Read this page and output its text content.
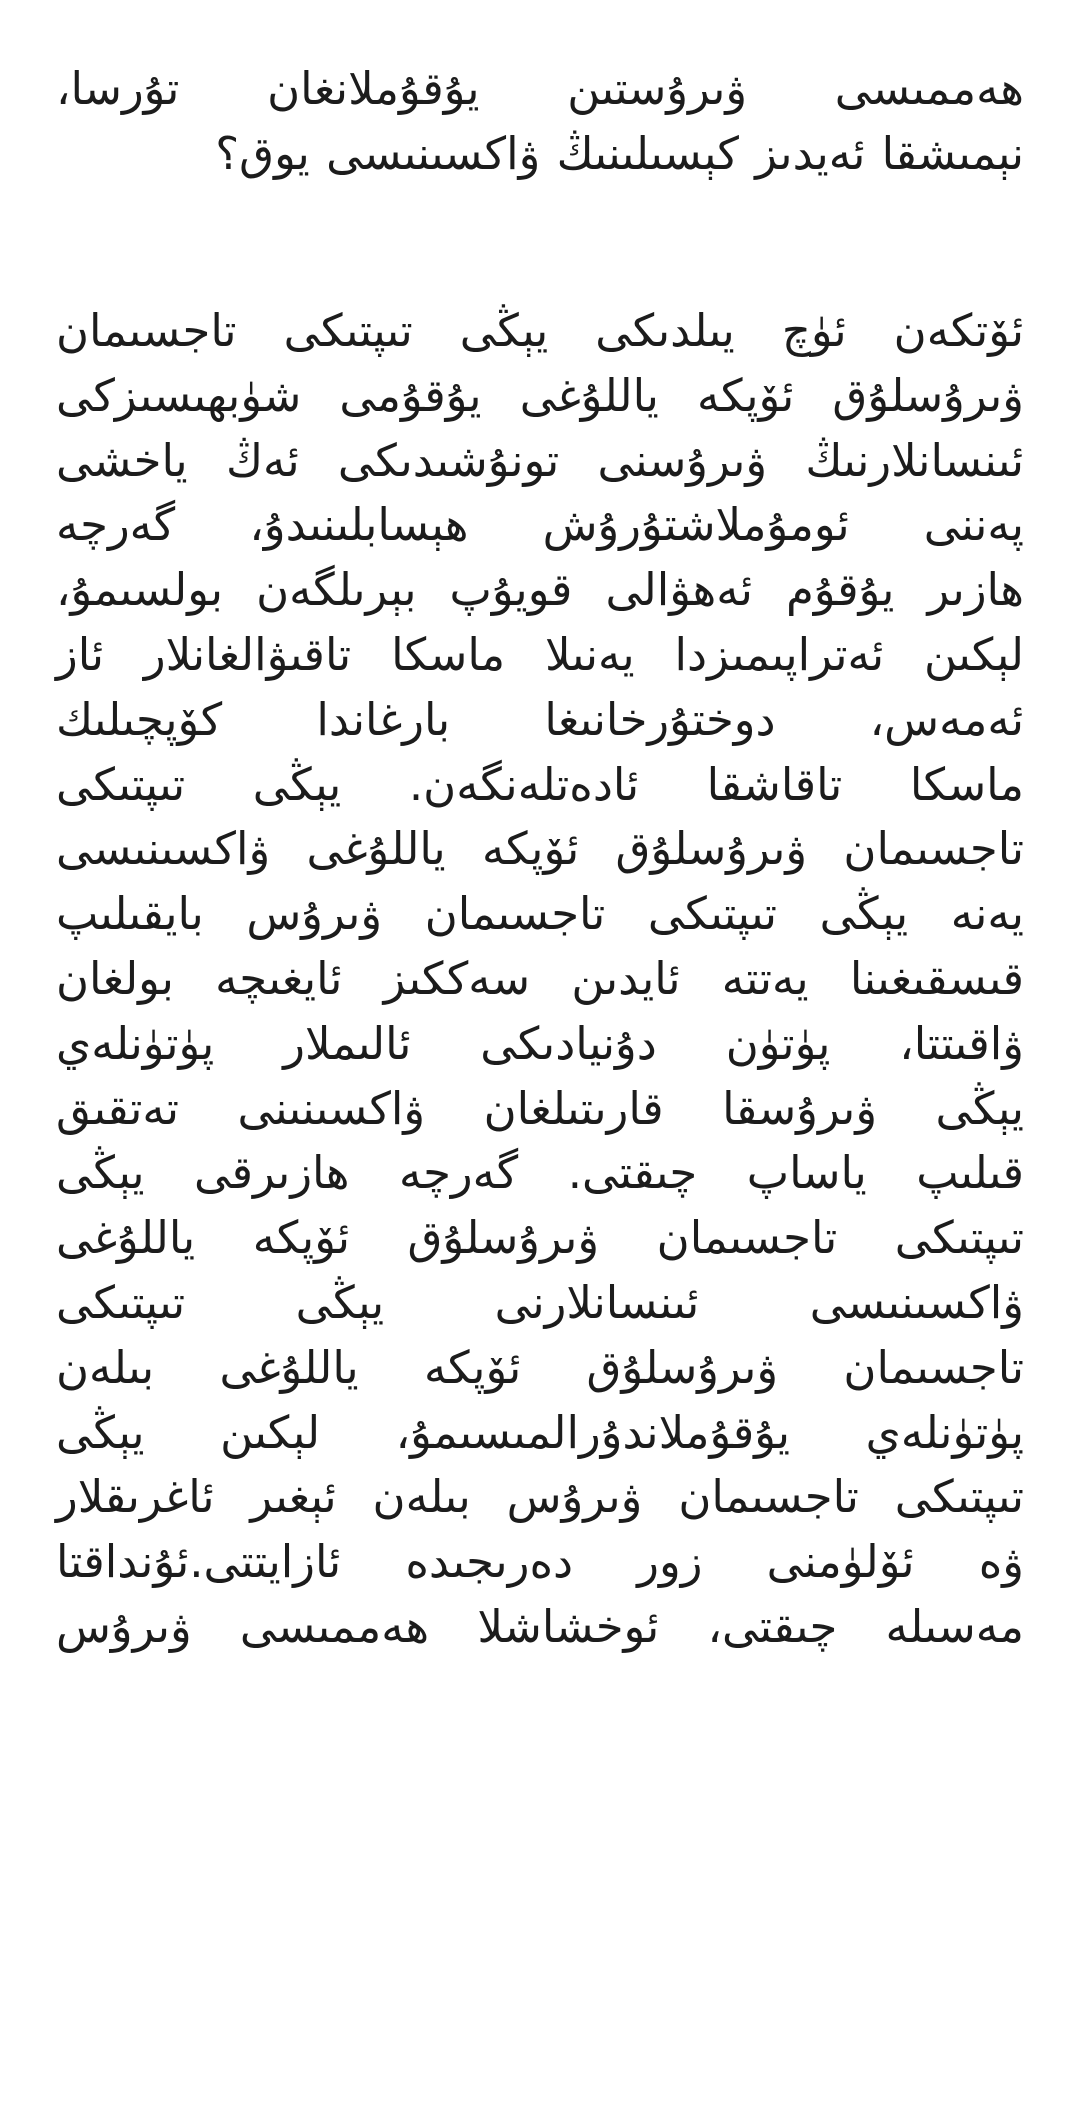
ھەممىسى ۋىرۇستىن يۇقۇملانغان تۇرسا،
نېمىشقا ئەيدىز كېسىلىنىڭ ۋاكسىنىسى يوق؟
ئۆتكەن ئۈچ يىلدىكى يېڭى تىپتىكى تاجسىمان
ۋىرۇسلۇق ئۆپكە ياللۇغى يۇقۇمى شۈبھىسىزكى
ئىنسانلارنىڭ ۋىرۇسنى تونۇشىدىكى ئەڭ ياخشى
پەننى ئومۇملاشتۇرۇش ھېسابلىنىدۇ، گەرچە
ھازىر يۇقۇم ئەھۋالى قويۇپ بېرىلگەن بولسىمۇ،
لېكىن ئەتراپىمىزدا يەنىلا ماسكا تاقىۋالغانلار ئاز
ئەمەس، دوختۇرخانىغا بارغاندا كۆپچىلىك
ماسكا تاقاشقا ئادەتلەنگەن. يېڭى تىپتىكى
تاجسىمان ۋىرۇسلۇق ئۆپكە ياللۇغى ۋاكسىنىسى
يەنە يېڭى تىپتىكى تاجسىمان ۋىرۇس بايقىلىپ
قىسقىغىنا يەتتە ئايدىن سەككىز ئايغىچە بولغان
ۋاقىتتا، پۈتۈن دۇنيادىكى ئالىملار پۈتۈنلەي
يېڭى ۋىرۇسقا قارىتىلغان ۋاكسىنىنى تەتقىق
قىلىپ ياساپ چىقتى. گەرچە ھازىرقى يېڭى
تىپتىكى تاجسىمان ۋىرۇسلۇق ئۆپكە ياللۇغى
ۋاكسىنىسى ئىنسانلارنى يېڭى تىپتىكى
تاجسىمان ۋىرۇسلۇق ئۆپكە ياللۇغى بىلەن
پۈتۈنلەي يۇقۇملاندۇرالمىسىمۇ، لېكىن يېڭى
تىپتىكى تاجسىمان ۋىرۇس بىلەن ئېغىر ئاغرىقلار
ۋە ئۆلۈمنى زور دەرىجىدە ئازايتتى.ئۇنداقتا
مەسىلە چىقتى، ئوخشاشلا ھەممىسى ۋىرۇس
